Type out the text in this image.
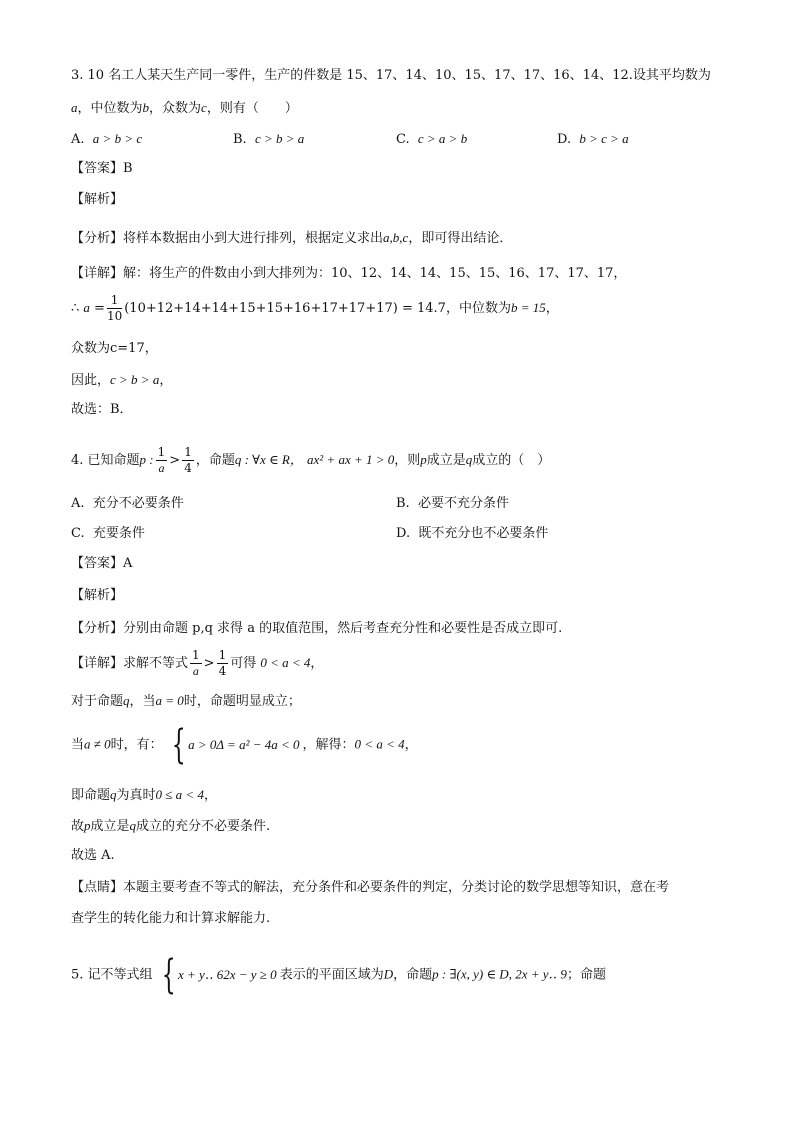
3. 10 名工人某天生产同一零件，生产的件数是 15、17、14、10、15、17、17、16、14、12.设其平均数为
a，中位数为b，众数为c，则有（　　）
A. a > b > c	B. c > b > a	C. c > a > b	D. b > c > a
【答案】B
【解析】
【分析】将样本数据由小到大进行排列，根据定义求出a,b,c，即可得出结论．
【详解】解：将生产的件数由小到大排列为：10、12、14、14、15、15、16、17、17、17，
∴ $a = \frac{1}{10} (10+12+14+14+15+15+16+17+17+17) = 14.7$，中位数为b = 15，
众数为c=17，
因此，c > b > a，
故选：B．
4. 已知命题p : $\frac{1}{a} > \frac{1}{4}$ ，命题q : ∀x ∈ R， ax² + ax + 1 > 0，则p成立是q成立的（　）
A. 充分不必要条件	B. 必要不充分条件
C. 充要条件	D. 既不充分也不必要条件
【答案】A
【解析】
【分析】分别由命题 p,q 求得 a 的取值范围，然后考查充分性和必要性是否成立即可.
【详解】求解不等式 $\frac{1}{a} > \frac{1}{4}$ 可得 0 < a < 4，
对于命题q，当a = 0时，命题明显成立；
当a ≠ 0时，有： { a > 0Δ = a² − 4a < 0 ，解得：0 < a < 4，
即命题q为真时0 ≤ a < 4，
故p成立是q成立的充分不必要条件.
故选 A.
【点睛】本题主要考查不等式的解法，充分条件和必要条件的判定，分类讨论的数学思想等知识，意在考
查学生的转化能力和计算求解能力.
5. 记不等式组 { x + y‥ 62x − y ≥ 0 表示的平面区域为D，命题p : ∃(x, y) ∈ D, 2x + y‥ 9；命题
